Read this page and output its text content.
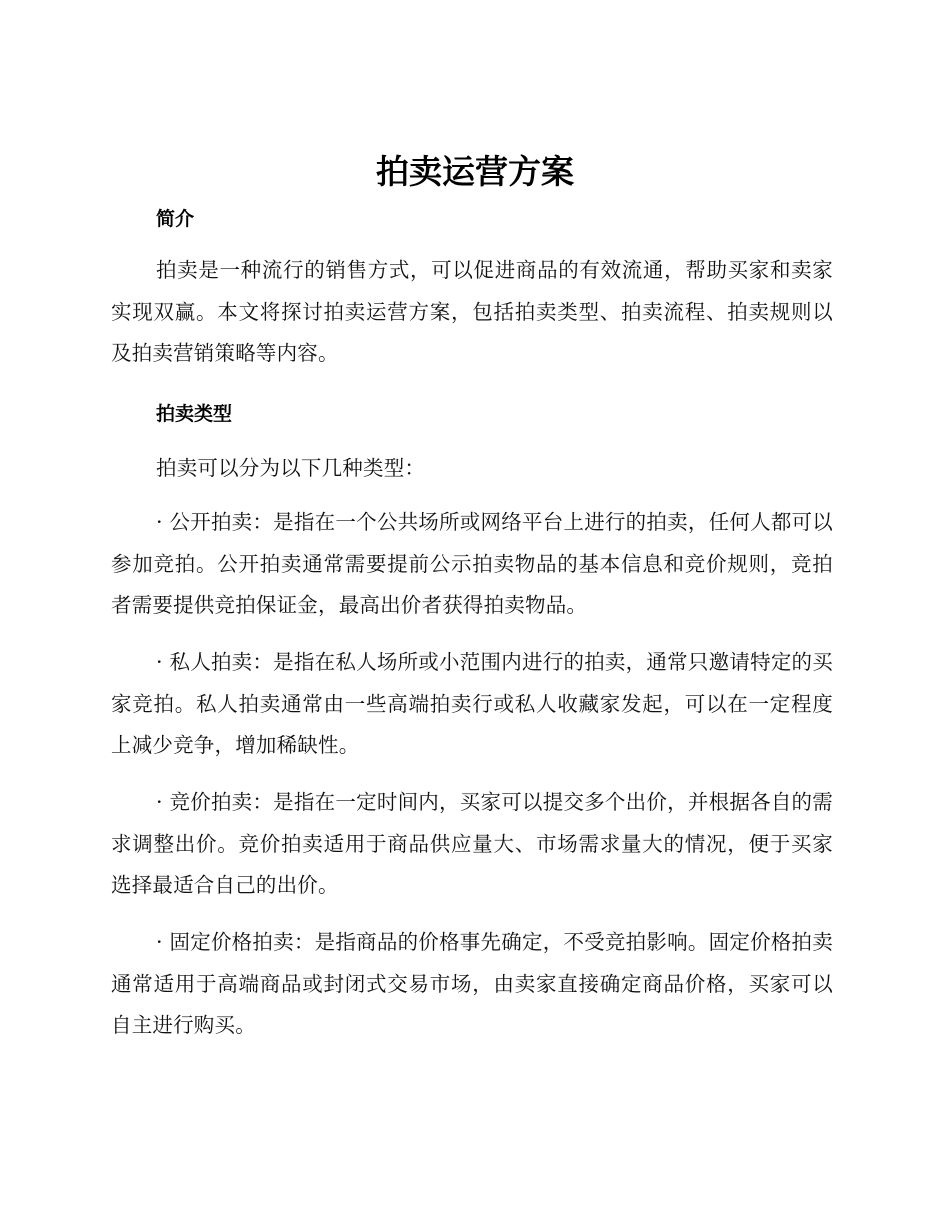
拍卖运营方案
简介

拍卖是一种流行的销售方式，可以促进商品的有效流通，帮助买家和卖家实现双赢。本文将探讨拍卖运营方案，包括拍卖类型、拍卖流程、拍卖规则以及拍卖营销策略等内容。

拍卖类型

拍卖可以分为以下几种类型：

· 公开拍卖：是指在一个公共场所或网络平台上进行的拍卖，任何人都可以参加竞拍。公开拍卖通常需要提前公示拍卖物品的基本信息和竞价规则，竞拍者需要提供竞拍保证金，最高出价者获得拍卖物品。

· 私人拍卖：是指在私人场所或小范围内进行的拍卖，通常只邀请特定的买家竞拍。私人拍卖通常由一些高端拍卖行或私人收藏家发起，可以在一定程度上减少竞争，增加稀缺性。

· 竞价拍卖：是指在一定时间内，买家可以提交多个出价，并根据各自的需求调整出价。竞价拍卖适用于商品供应量大、市场需求量大的情况，便于买家选择最适合自己的出价。

· 固定价格拍卖：是指商品的价格事先确定，不受竞拍影响。固定价格拍卖通常适用于高端商品或封闭式交易市场，由卖家直接确定商品价格，买家可以自主进行购买。
